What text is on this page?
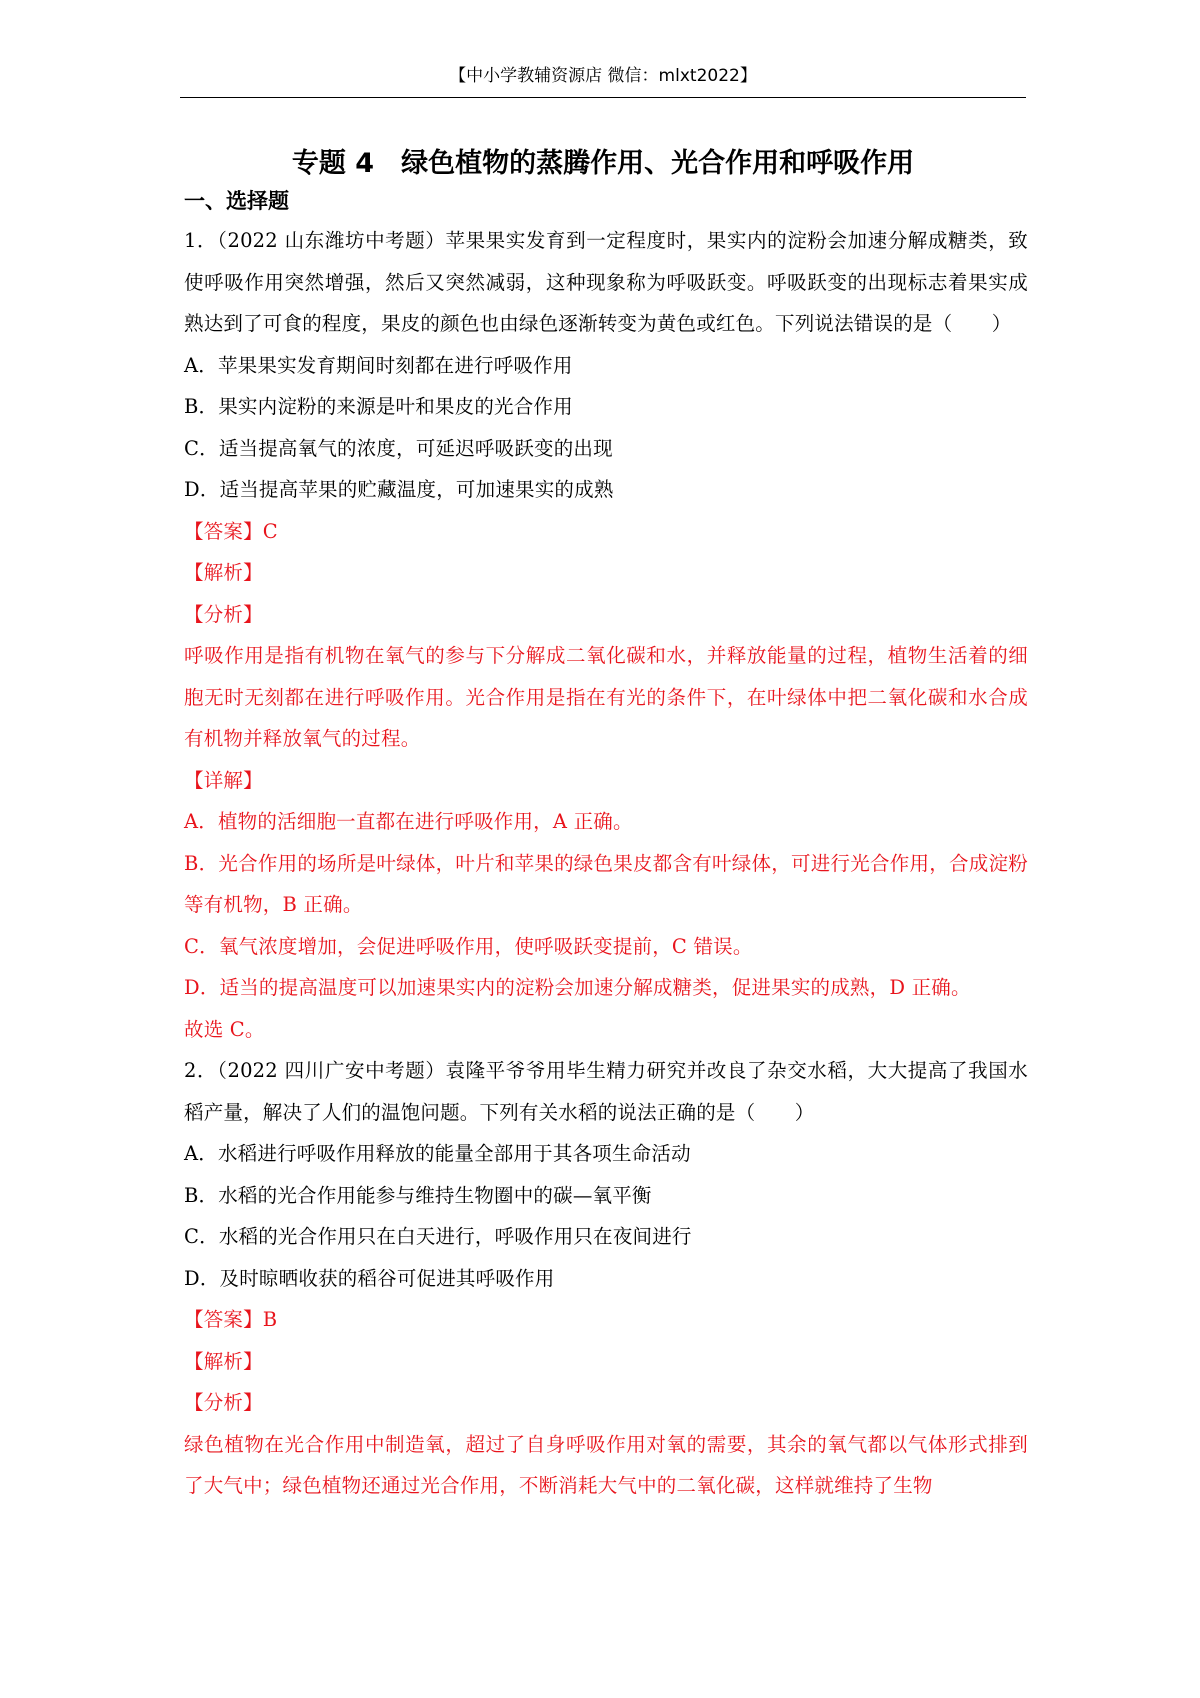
【中小学教辅资源店 微信：mlxt2022】
专题 4　绿色植物的蒸腾作用、光合作用和呼吸作用
一、选择题

1．（2022 山东潍坊中考题）苹果果实发育到一定程度时，果实内的淀粉会加速分解成糖类，致使呼吸作用突然增强，然后又突然减弱，这种现象称为呼吸跃变。呼吸跃变的出现标志着果实成熟达到了可食的程度，果皮的颜色也由绿色逐渐转变为黄色或红色。下列说法错误的是（　　）

A．苹果果实发育期间时刻都在进行呼吸作用

B．果实内淀粉的来源是叶和果皮的光合作用

C．适当提高氧气的浓度，可延迟呼吸跃变的出现

D．适当提高苹果的贮藏温度，可加速果实的成熟

【答案】C

【解析】

【分析】

呼吸作用是指有机物在氧气的参与下分解成二氧化碳和水，并释放能量的过程，植物生活着的细胞无时无刻都在进行呼吸作用。光合作用是指在有光的条件下，在叶绿体中把二氧化碳和水合成有机物并释放氧气的过程。

【详解】

A．植物的活细胞一直都在进行呼吸作用，A 正确。

B．光合作用的场所是叶绿体，叶片和苹果的绿色果皮都含有叶绿体，可进行光合作用，合成淀粉等有机物，B 正确。

C．氧气浓度增加，会促进呼吸作用，使呼吸跃变提前，C 错误。

D．适当的提高温度可以加速果实内的淀粉会加速分解成糖类，促进果实的成熟，D 正确。

故选 C。

2．（2022 四川广安中考题）袁隆平爷爷用毕生精力研究并改良了杂交水稻，大大提高了我国水稻产量，解决了人们的温饱问题。下列有关水稻的说法正确的是（　　）

A．水稻进行呼吸作用释放的能量全部用于其各项生命活动

B．水稻的光合作用能参与维持生物圈中的碳—氧平衡

C．水稻的光合作用只在白天进行，呼吸作用只在夜间进行

D．及时晾晒收获的稻谷可促进其呼吸作用

【答案】B

【解析】

【分析】

绿色植物在光合作用中制造氧，超过了自身呼吸作用对氧的需要，其余的氧气都以气体形式排到了大气中；绿色植物还通过光合作用，不断消耗大气中的二氧化碳，这样就维持了生物
